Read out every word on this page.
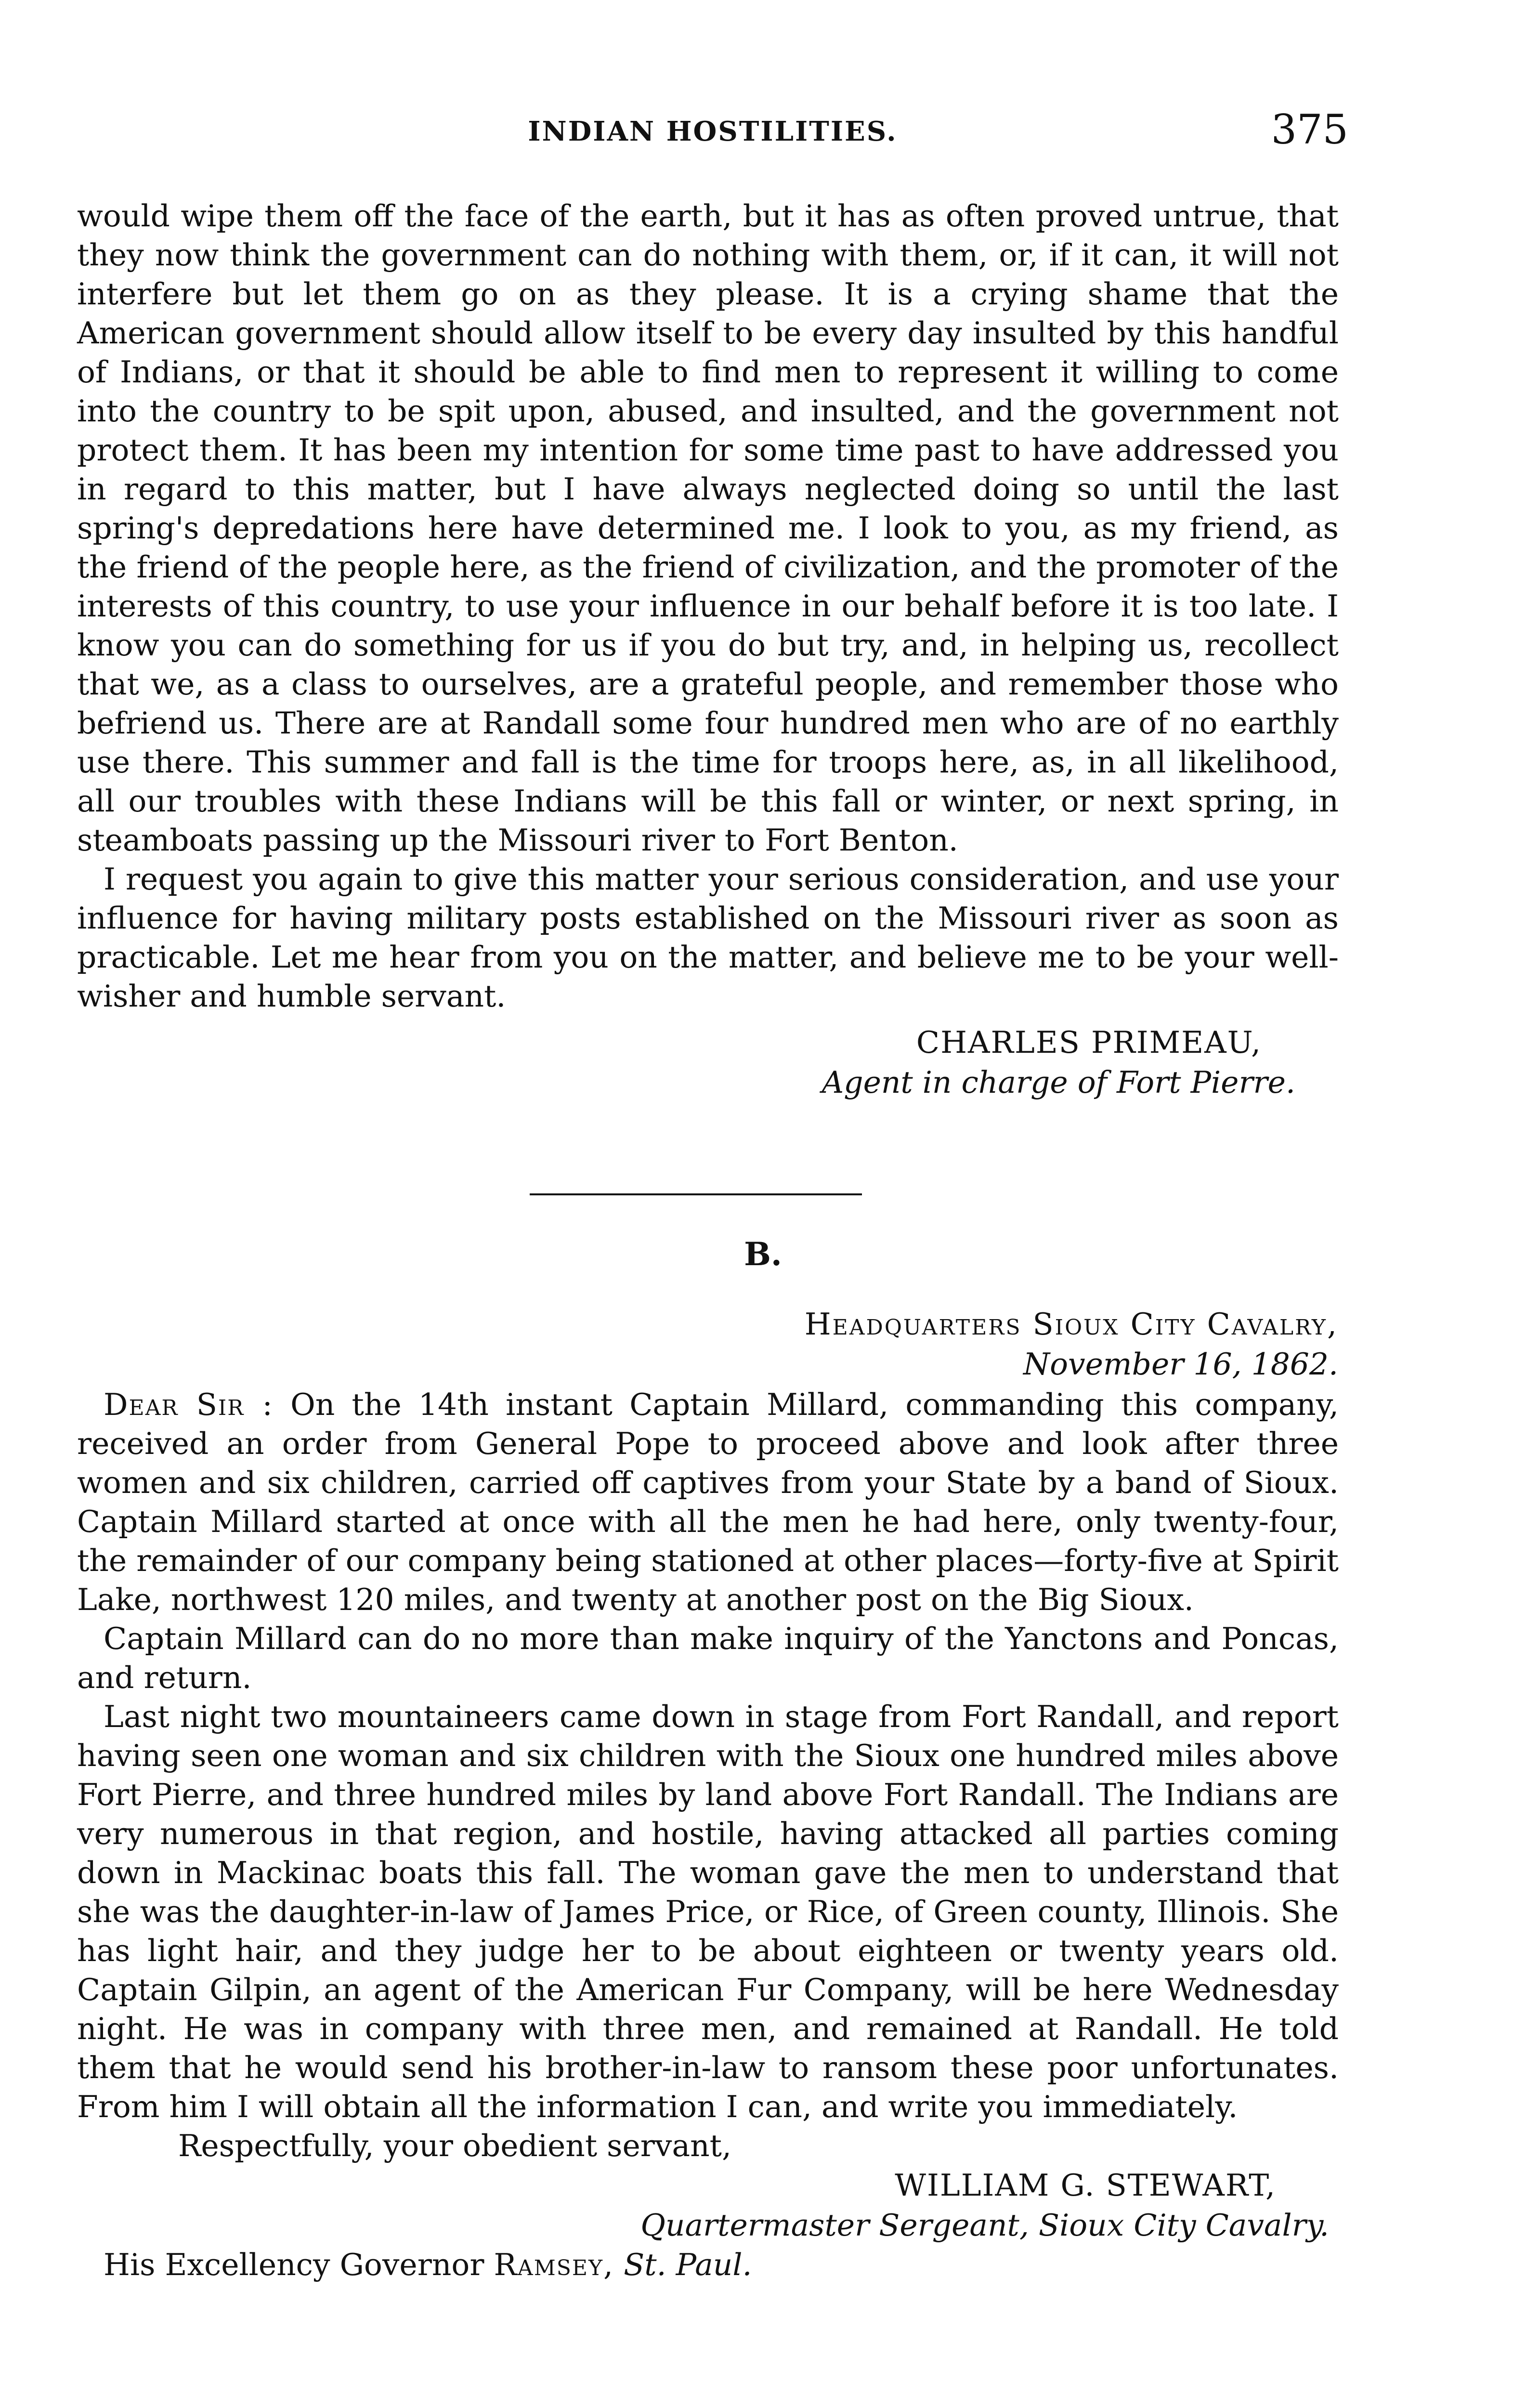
INDIAN HOSTILITIES.	375

would wipe them off the face of the earth, but it has as often proved untrue, that they now think the government can do nothing with them, or, if it can, it will not interfere but let them go on as they please. It is a crying shame that the American government should allow itself to be every day insulted by this handful of Indians, or that it should be able to find men to represent it willing to come into the country to be spit upon, abused, and insulted, and the government not protect them. It has been my intention for some time past to have addressed you in regard to this matter, but I have always neglected doing so until the last spring's depredations here have determined me. I look to you, as my friend, as the friend of the people here, as the friend of civilization, and the promoter of the interests of this country, to use your influence in our behalf before it is too late. I know you can do something for us if you do but try, and, in helping us, recollect that we, as a class to ourselves, are a grateful people, and remember those who befriend us. There are at Randall some four hundred men who are of no earthly use there. This summer and fall is the time for troops here, as, in all likelihood, all our troubles with these Indians will be this fall or winter, or next spring, in steamboats passing up the Missouri river to Fort Benton.

I request you again to give this matter your serious consideration, and use your influence for having military posts established on the Missouri river as soon as practicable. Let me hear from you on the matter, and believe me to be your well-wisher and humble servant.

CHARLES PRIMEAU,
Agent in charge of Fort Pierre.
B.
Headquarters Sioux City Cavalry,
November 16, 1862.

Dear Sir : On the 14th instant Captain Millard, commanding this company, received an order from General Pope to proceed above and look after three women and six children, carried off captives from your State by a band of Sioux. Captain Millard started at once with all the men he had here, only twenty-four, the remainder of our company being stationed at other places—forty-five at Spirit Lake, northwest 120 miles, and twenty at another post on the Big Sioux.

Captain Millard can do no more than make inquiry of the Yanctons and Poncas, and return.

Last night two mountaineers came down in stage from Fort Randall, and report having seen one woman and six children with the Sioux one hundred miles above Fort Pierre, and three hundred miles by land above Fort Randall. The Indians are very numerous in that region, and hostile, having attacked all parties coming down in Mackinac boats this fall. The woman gave the men to understand that she was the daughter-in-law of James Price, or Rice, of Green county, Illinois. She has light hair, and they judge her to be about eighteen or twenty years old. Captain Gilpin, an agent of the American Fur Company, will be here Wednesday night. He was in company with three men, and remained at Randall. He told them that he would send his brother-in-law to ransom these poor unfortunates. From him I will obtain all the information I can, and write you immediately.

Respectfully, your obedient servant,

WILLIAM G. STEWART,
Quartermaster Sergeant, Sioux City Cavalry.

His Excellency Governor Ramsey, St. Paul.
